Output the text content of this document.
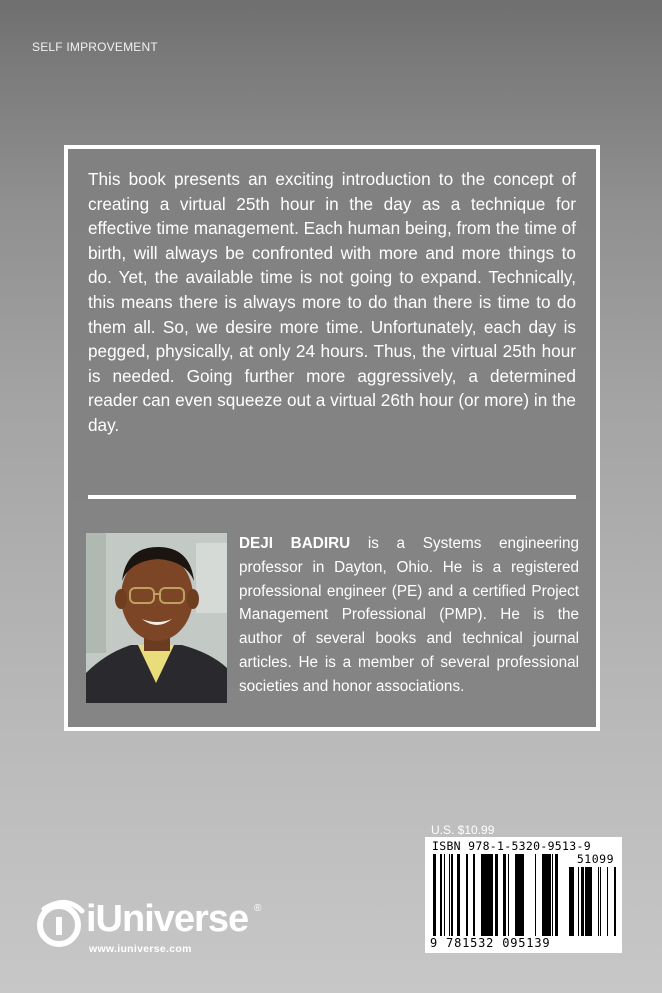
SELF IMPROVEMENT
This book presents an exciting introduction to the concept of creating a virtual 25th hour in the day as a technique for effective time management. Each human being, from the time of birth, will always be confronted with more and more things to do. Yet, the available time is not going to expand. Technically, this means there is always more to do than there is time to do them all. So, we desire more time. Unfortunately, each day is pegged, physically, at only 24 hours. Thus, the virtual 25th hour is needed. Going further more aggressively, a determined reader can even squeeze out a virtual 26th hour (or more) in the day.
DEJI BADIRU is a Systems engineering professor in Dayton, Ohio. He is a registered professional engineer (PE) and a certified Project Management Professional (PMP). He is the author of several books and technical journal articles. He is a member of several professional societies and honor associations.
U.S. $10.99
ISBN 978-1-5320-9513-9
51099
9 781532 095139
iUniverse ®
www.iuniverse.com
